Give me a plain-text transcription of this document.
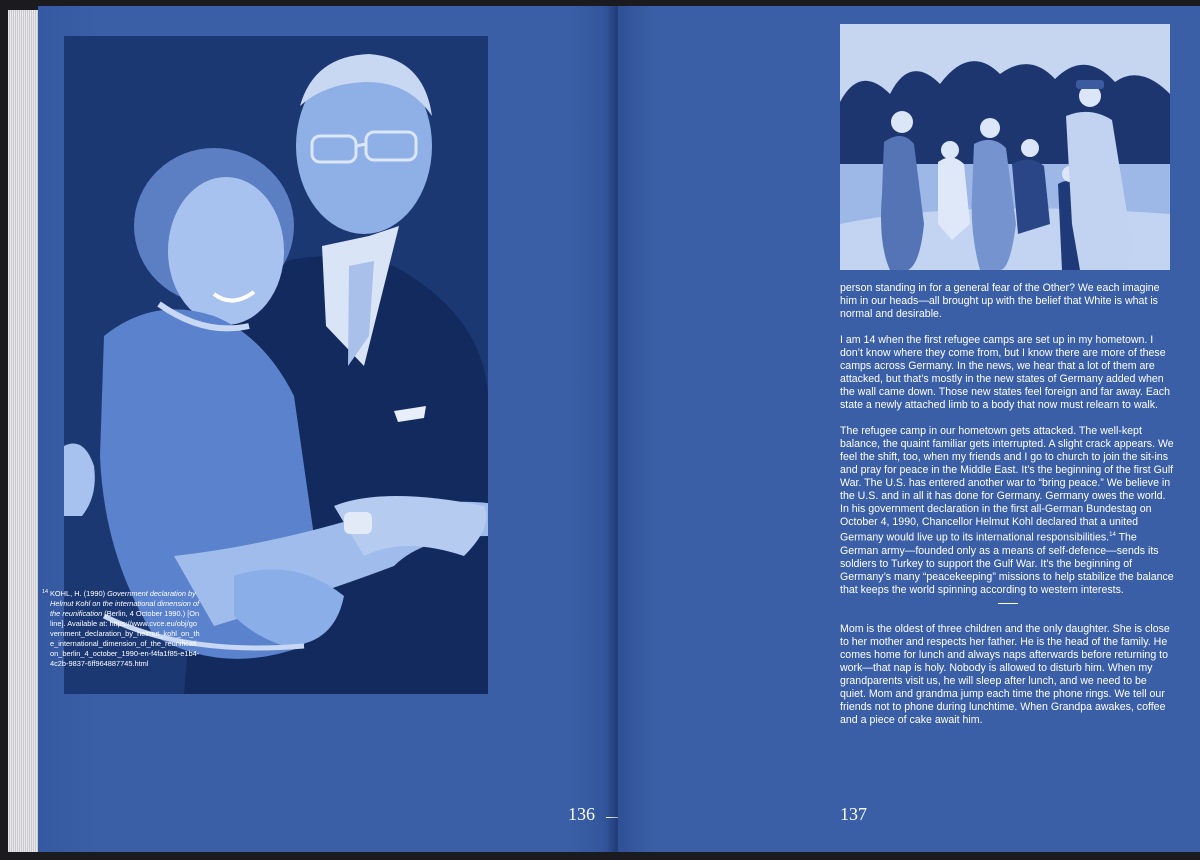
14 KOHL, H. (1990) Government declaration by Helmut Kohl on the international dimension of the reunification (Berlin, 4 October 1990.) [Online]. Available at: https://www.cvce.eu/obj/government_declaration_by_helmut_kohl_on_the_international_dimension_of_the_reunification_berlin_4_october_1990-en-f4fa1f85-e1b4-4c2b-9837-6ff964887745.html
136

person standing in for a general fear of the Other? We each imagine him in our heads—all brought up with the belief that White is what is normal and desirable.

I am 14 when the first refugee camps are set up in my hometown. I don’t know where they come from, but I know there are more of these camps across Germany. In the news, we hear that a lot of them are attacked, but that’s mostly in the new states of Germany added when the wall came down. Those new states feel foreign and far away. Each state a newly attached limb to a body that now must relearn to walk.

The refugee camp in our hometown gets attacked. The well-kept balance, the quaint familiar gets interrupted. A slight crack appears. We feel the shift, too, when my friends and I go to church to join the sit-ins and pray for peace in the Middle East. It’s the beginning of the first Gulf War. The U.S. has entered another war to “bring peace.” We believe in the U.S. and in all it has done for Germany. Germany owes the world. In his government declaration in the first all-German Bundestag on October 4, 1990, Chancellor Helmut Kohl declared that a united Germany would live up to its international responsibilities.$^{14}$ The German army—founded only as a means of self-defence—sends its soldiers to Turkey to support the Gulf War. It’s the beginning of Germany’s many “peacekeeping” missions to help stabilize the balance that keeps the world spinning according to western interests.

Mom is the oldest of three children and the only daughter. She is close to her mother and respects her father. He is the head of the family. He comes home for lunch and always naps afterwards before returning to work—that nap is holy. Nobody is allowed to disturb him. When my grandparents visit us, he will sleep after lunch, and we need to be quiet. Mom and grandma jump each time the phone rings. We tell our friends not to phone during lunchtime. When Grandpa awakes, coffee and a piece of cake await him.

137
